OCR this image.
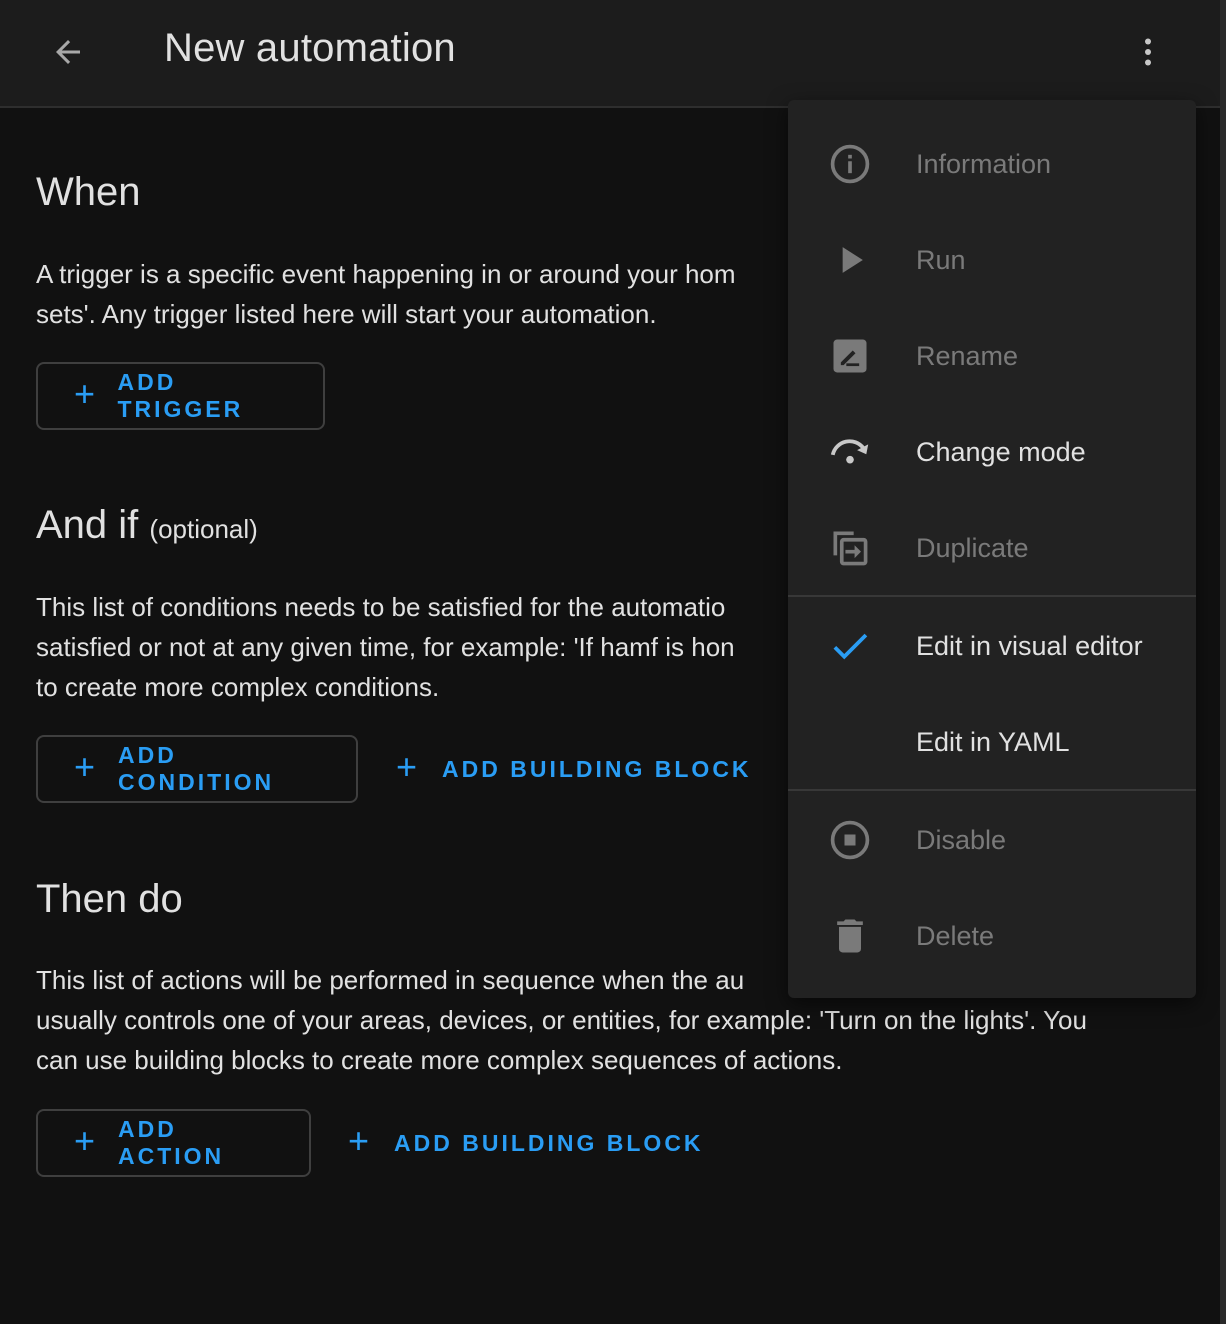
New automation
When

A trigger is a specific event happening in or around your hom
sets'. Any trigger listed here will start your automation.

+ ADD TRIGGER
And if (optional)

This list of conditions needs to be satisfied for the automatio
satisfied or not at any given time, for example: 'If hamf is hon
to create more complex conditions.

+ ADD CONDITION	+ ADD BUILDING BLOCK
Then do

This list of actions will be performed in sequence when the au
usually controls one of your areas, devices, or entities, for example: 'Turn on the lights'. You
can use building blocks to create more complex sequences of actions.

+ ADD ACTION	+ ADD BUILDING BLOCK
Information
Run
Rename
Change mode
Duplicate
Edit in visual editor
Edit in YAML
Disable
Delete
